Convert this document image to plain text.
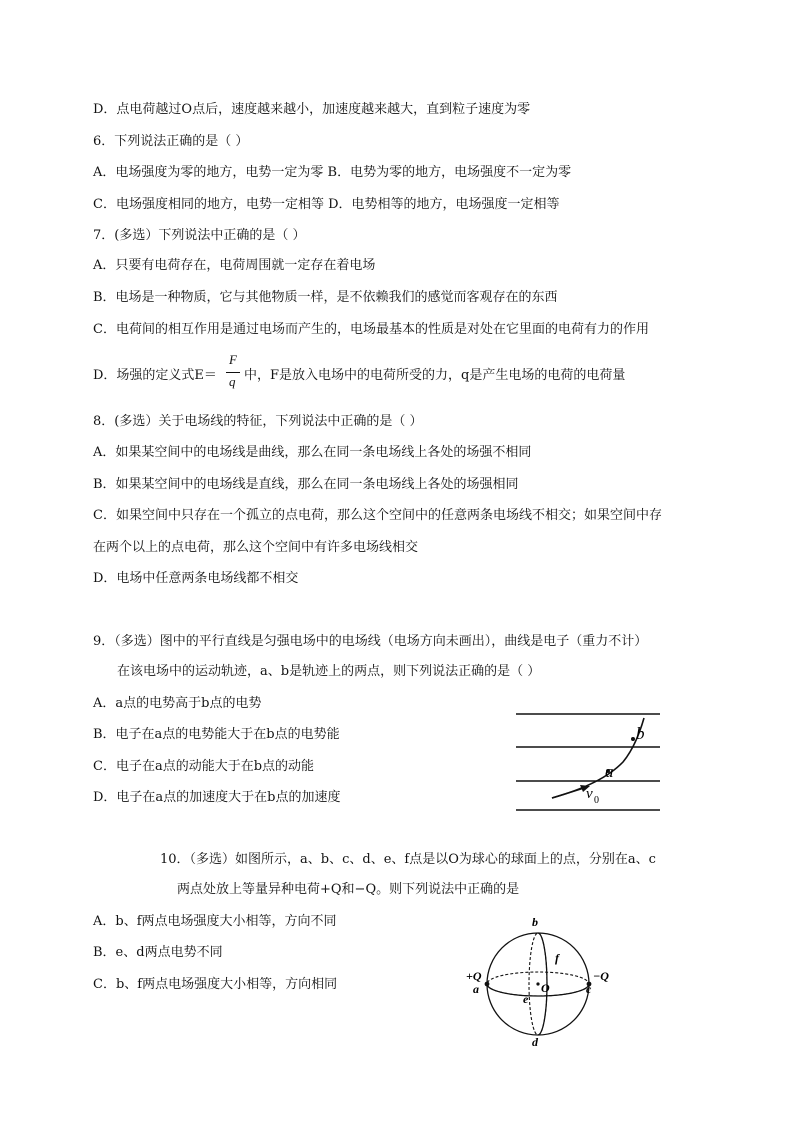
D．点电荷越过O点后，速度越来越小，加速度越来越大，直到粒子速度为零
6．下列说法正确的是（ ）
A．电场强度为零的地方，电势一定为零 B．电势为零的地方，电场强度不一定为零
C．电场强度相同的地方，电势一定相等 D．电势相等的地方，电场强度一定相等
7．(多选）下列说法中正确的是（ ）
A．只要有电荷存在，电荷周围就一定存在着电场
B．电场是一种物质，它与其他物质一样，是不依赖我们的感觉而客观存在的东西
C．电荷间的相互作用是通过电场而产生的，电场最基本的性质是对处在它里面的电荷有力的作用
D．场强的定义式E＝
F
q 中，F是放入电场中的电荷所受的力，q是产生电场的电荷的电荷量
8．(多选）关于电场线的特征，下列说法中正确的是（ ）
A．如果某空间中的电场线是曲线，那么在同一条电场线上各处的场强不相同
B．如果某空间中的电场线是直线，那么在同一条电场线上各处的场强相同
C．如果空间中只存在一个孤立的点电荷，那么这个空间中的任意两条电场线不相交；如果空间中存
在两个以上的点电荷，那么这个空间中有许多电场线相交
D．电场中任意两条电场线都不相交
9．（多选）图中的平行直线是匀强电场中的电场线（电场方向未画出），曲线是电子（重力不计）
在该电场中的运动轨迹，a、b是轨迹上的两点，则下列说法正确的是（ ）
A．a点的电势高于b点的电势
B．电子在a点的电势能大于在b点的电势能
C．电子在a点的动能大于在b点的动能
D．电子在a点的加速度大于在b点的加速度
b
a
v 0
10．（多选）如图所示，a、b、c、d、e、f点是以O为球心的球面上的点，分别在a、c
两点处放上等量异种电荷+Q和−Q。则下列说法中正确的是
A．b、f两点电场强度大小相等，方向不同
B．e、d两点电势不同
C．b、f两点电场强度大小相等，方向相同
b
d
f
e
O
+Q
a	c
−Q
